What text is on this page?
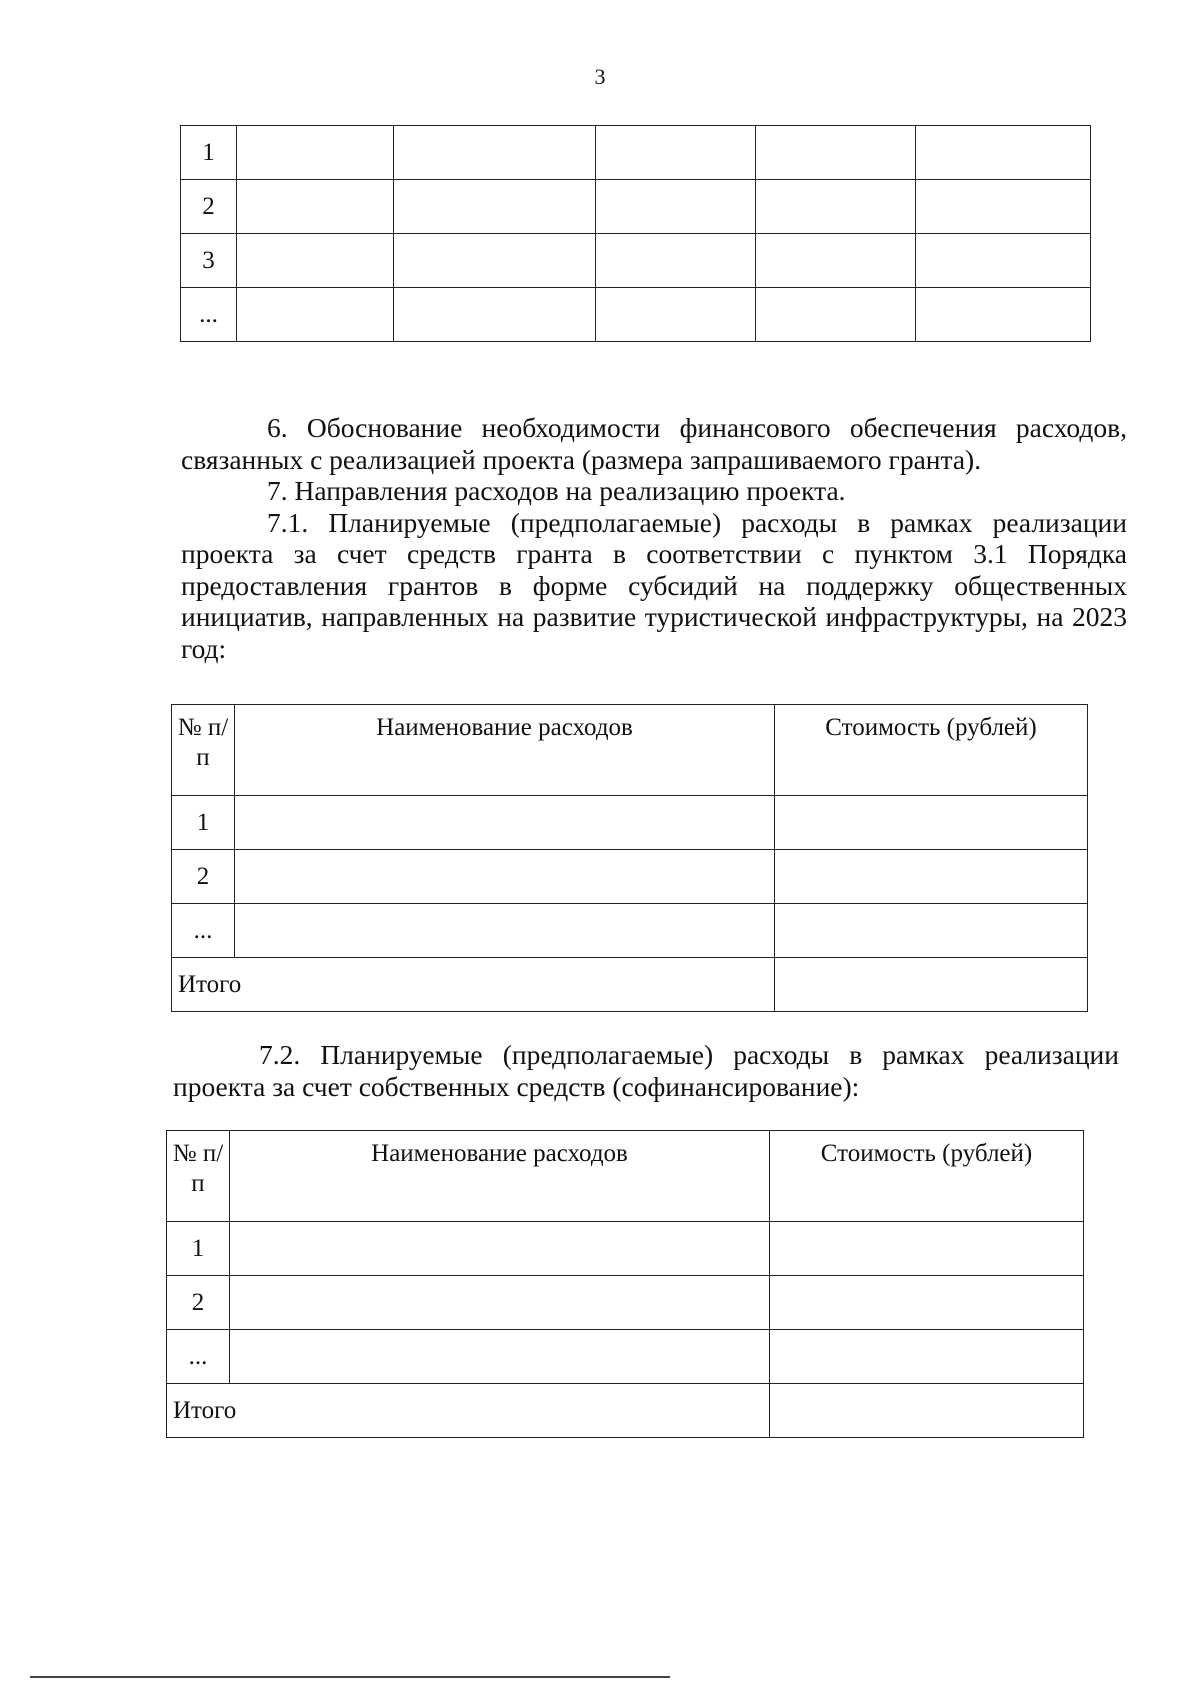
3
1					
2					
3					
...					

6. Обоснование необходимости финансового обеспечения расходов, связанных с реализацией проекта (размера запрашиваемого гранта).

7. Направления расходов на реализацию проекта.

7.1. Планируемые (предполагаемые) расходы в рамках реализации проекта за счет средств гранта в соответствии с пунктом 3.1 Порядка предоставления грантов в форме субсидий на поддержку общественных инициатив, направленных на развитие туристической инфраструктуры, на 2023 год:

№ п/п	Наименование расходов	Стоимость (рублей)
1		
2		
...		
Итого		

7.2. Планируемые (предполагаемые) расходы в рамках реализации проекта за счет собственных средств (софинансирование):

№ п/п	Наименование расходов	Стоимость (рублей)
1		
2		
...		
Итого		
